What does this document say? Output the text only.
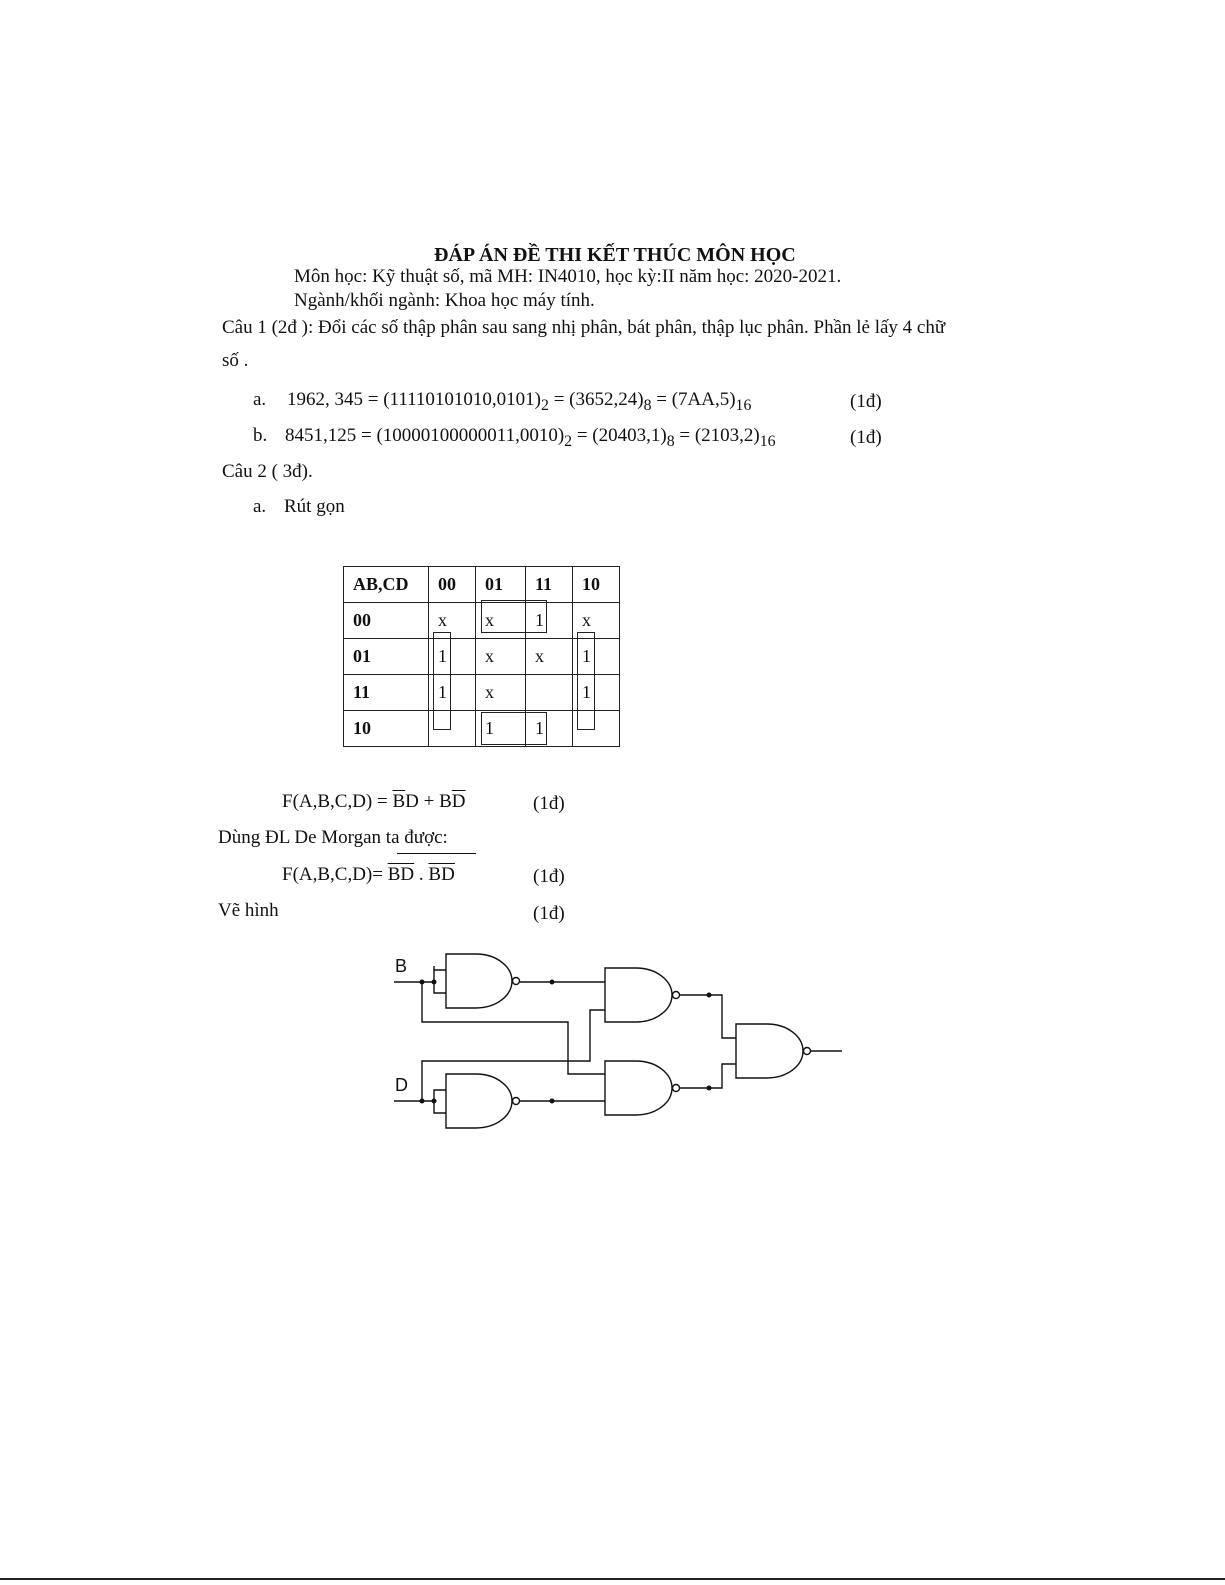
ĐÁP ÁN ĐỀ THI KẾT THÚC MÔN HỌC
Môn học: Kỹ thuật số, mã MH: IN4010, học kỳ:II năm học: 2020-2021.
Ngành/khối ngành: Khoa học máy tính.
Câu 1 (2đ ): Đổi các số thập phân sau sang nhị phân, bát phân, thập lục phân. Phần lẻ lấy 4 chữ
số .
a. 1962, $345 = (11110101010,0101)_2 = (3652,24)_8 = (7AA,5)_{16}$	(1đ)
b. $8451,125 = (10000100000011,0010)_2 = (20403,1)_8 = (2103,2)_{16}$	(1đ)
Câu 2 ( 3đ).
a. Rút gọn
AB,CD	00	01	11	10
00	x	x	1	x
01	1	x	x	1
11	1	x		1
10		1	1	
$F(A,B,C,D) = \overline{B}D + B\overline{D}$	(1đ)
Dùng ĐL De Morgan ta được:
F(A,B,C,D)= BD . BD	(1đ)
Vẽ hình	(1đ)
B
D
